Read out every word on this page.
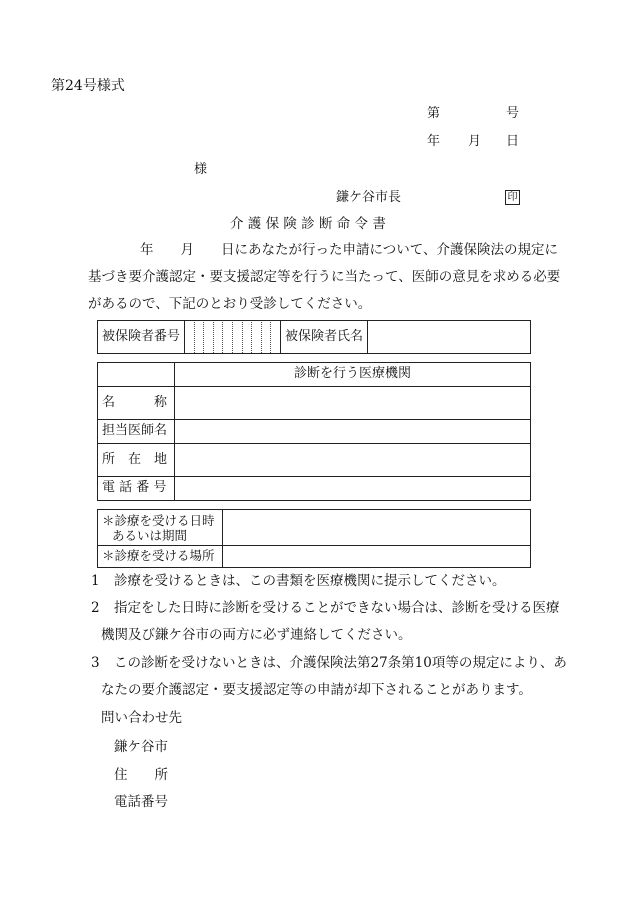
第24号様式
第	号
年 月 日
様
鎌ケ谷市長	印
介 護 保 険 診 断 命 令 書
年　　月　　日にあなたが行った申請について、介護保険法の規定に
基づき要介護認定・要支援認定等を行うに当たって、医師の意見を求める必要
があるので、下記のとおり受診してください。
被保険者番号		被保険者氏名	
	診断を行う医療機関
名　　　称	
担当医師名	
所　在　地	
電 話 番 号	
＊診療を受ける日時
あるいは期間	

＊診療を受ける場所	
1 診療を受けるときは、この書類を医療機関に提示してください。
2 指定をした日時に診断を受けることができない場合は、診断を受ける医療
機関及び鎌ケ谷市の両方に必ず連絡してください。
3 この診断を受けないときは、介護保険法第27条第10項等の規定により、あ
なたの要介護認定・要支援認定等の申請が却下されることがあります。
問い合わせ先
鎌ケ谷市
住　　所
電話番号
